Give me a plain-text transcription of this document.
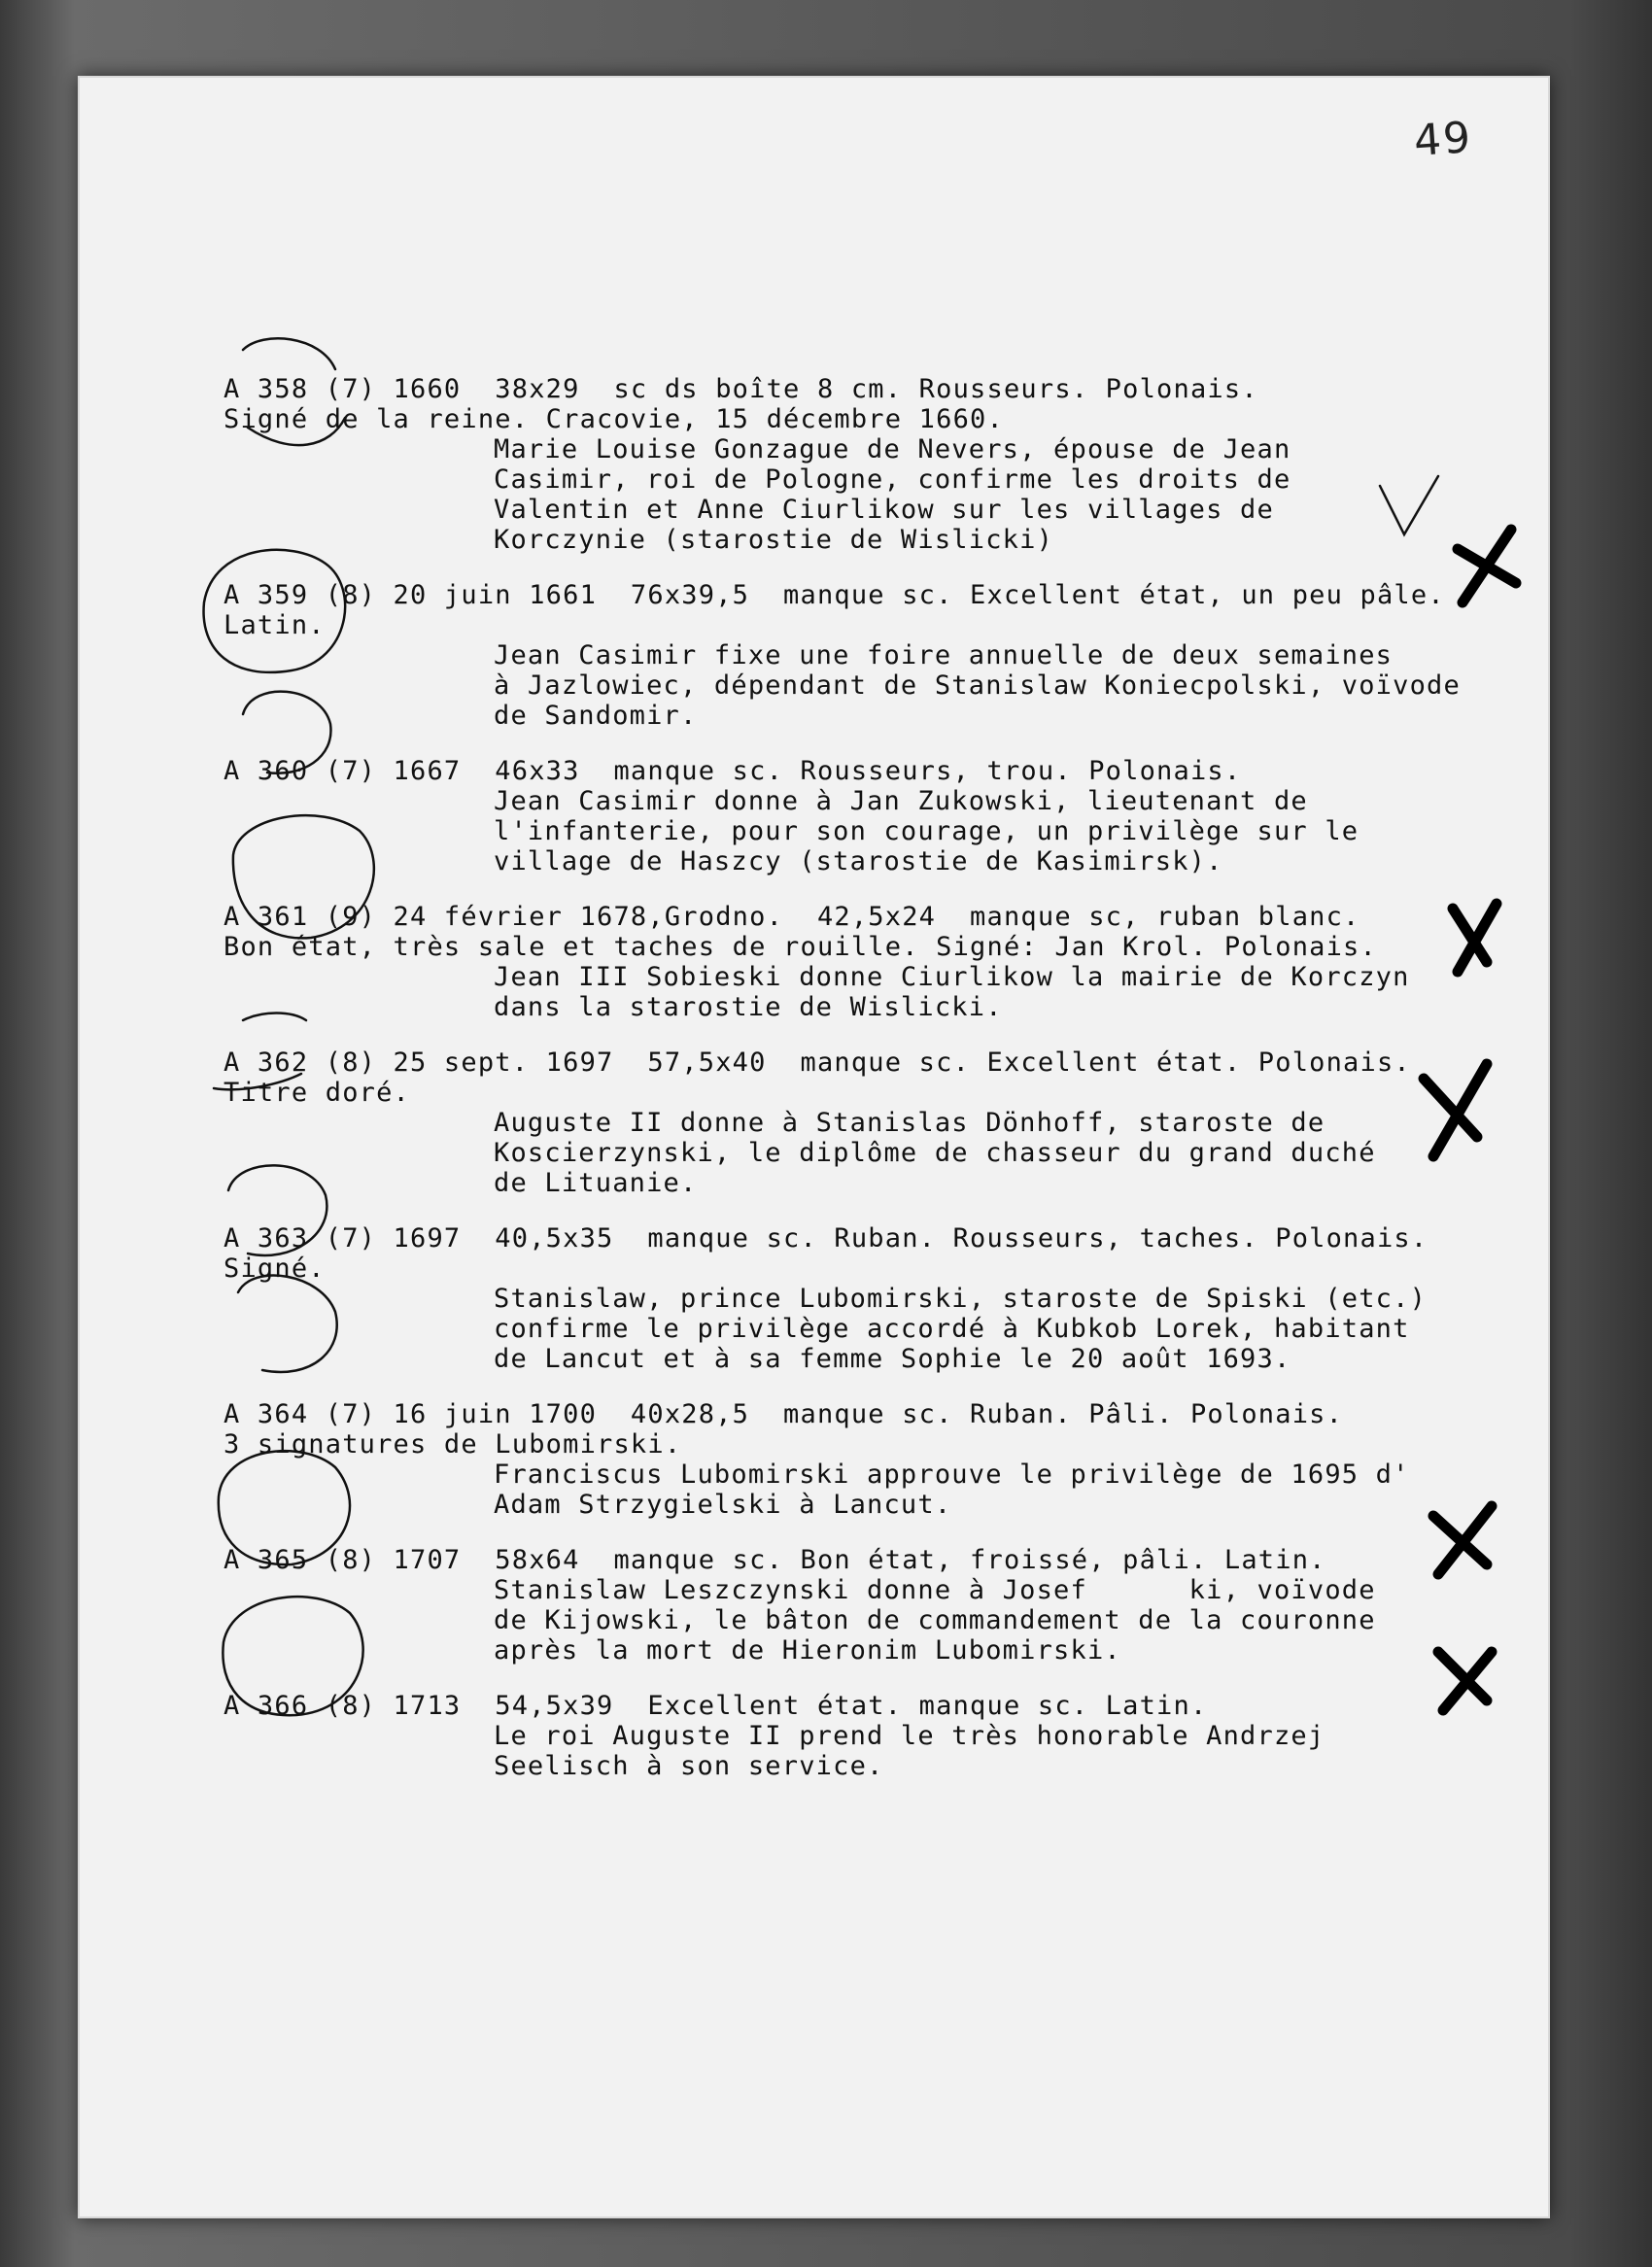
49
A 358 (7) 1660  38x29  sc ds boîte 8 cm. Rousseurs. Polonais.
Signé de la reine. Cracovie, 15 décembre 1660.
Marie Louise Gonzague de Nevers, épouse de Jean
Casimir, roi de Pologne, confirme les droits de
Valentin et Anne Ciurlikow sur les villages de
Korczynie (starostie de Wislicki)
A 359 (8) 20 juin 1661  76x39,5  manque sc. Excellent état, un peu pâle.
Latin.
Jean Casimir fixe une foire annuelle de deux semaines
à Jazlowiec, dépendant de Stanislaw Koniecpolski, voïvode
de Sandomir.
A 360 (7) 1667  46x33  manque sc. Rousseurs, trou. Polonais.
Jean Casimir donne à Jan Zukowski, lieutenant de
l'infanterie, pour son courage, un privilège sur le
village de Haszcy (starostie de Kasimirsk).
A 361 (9) 24 février 1678,Grodno.  42,5x24  manque sc, ruban blanc.
Bon état, très sale et taches de rouille. Signé: Jan Krol. Polonais.
Jean III Sobieski donne Ciurlikow la mairie de Korczyn
dans la starostie de Wislicki.
A 362 (8) 25 sept. 1697  57,5x40  manque sc. Excellent état. Polonais.
Titre doré.
Auguste II donne à Stanislas Dönhoff, staroste de
Koscierzynski, le diplôme de chasseur du grand duché
de Lituanie.
A 363 (7) 1697  40,5x35  manque sc. Ruban. Rousseurs, taches. Polonais.
Signé.
Stanislaw, prince Lubomirski, staroste de Spiski (etc.)
confirme le privilège accordé à Kubkob Lorek, habitant
de Lancut et à sa femme Sophie le 20 août 1693.
A 364 (7) 16 juin 1700  40x28,5  manque sc. Ruban. Pâli. Polonais.
3 signatures de Lubomirski.
Franciscus Lubomirski approuve le privilège de 1695 d'
Adam Strzygielski à Lancut.
A 365 (8) 1707  58x64  manque sc. Bon état, froissé, pâli. Latin.
Stanislaw Leszczynski donne à Josef      ki, voïvode
de Kijowski, le bâton de commandement de la couronne
après la mort de Hieronim Lubomirski.
A 366 (8) 1713  54,5x39  Excellent état. manque sc. Latin.
Le roi Auguste II prend le très honorable Andrzej
Seelisch à son service.
